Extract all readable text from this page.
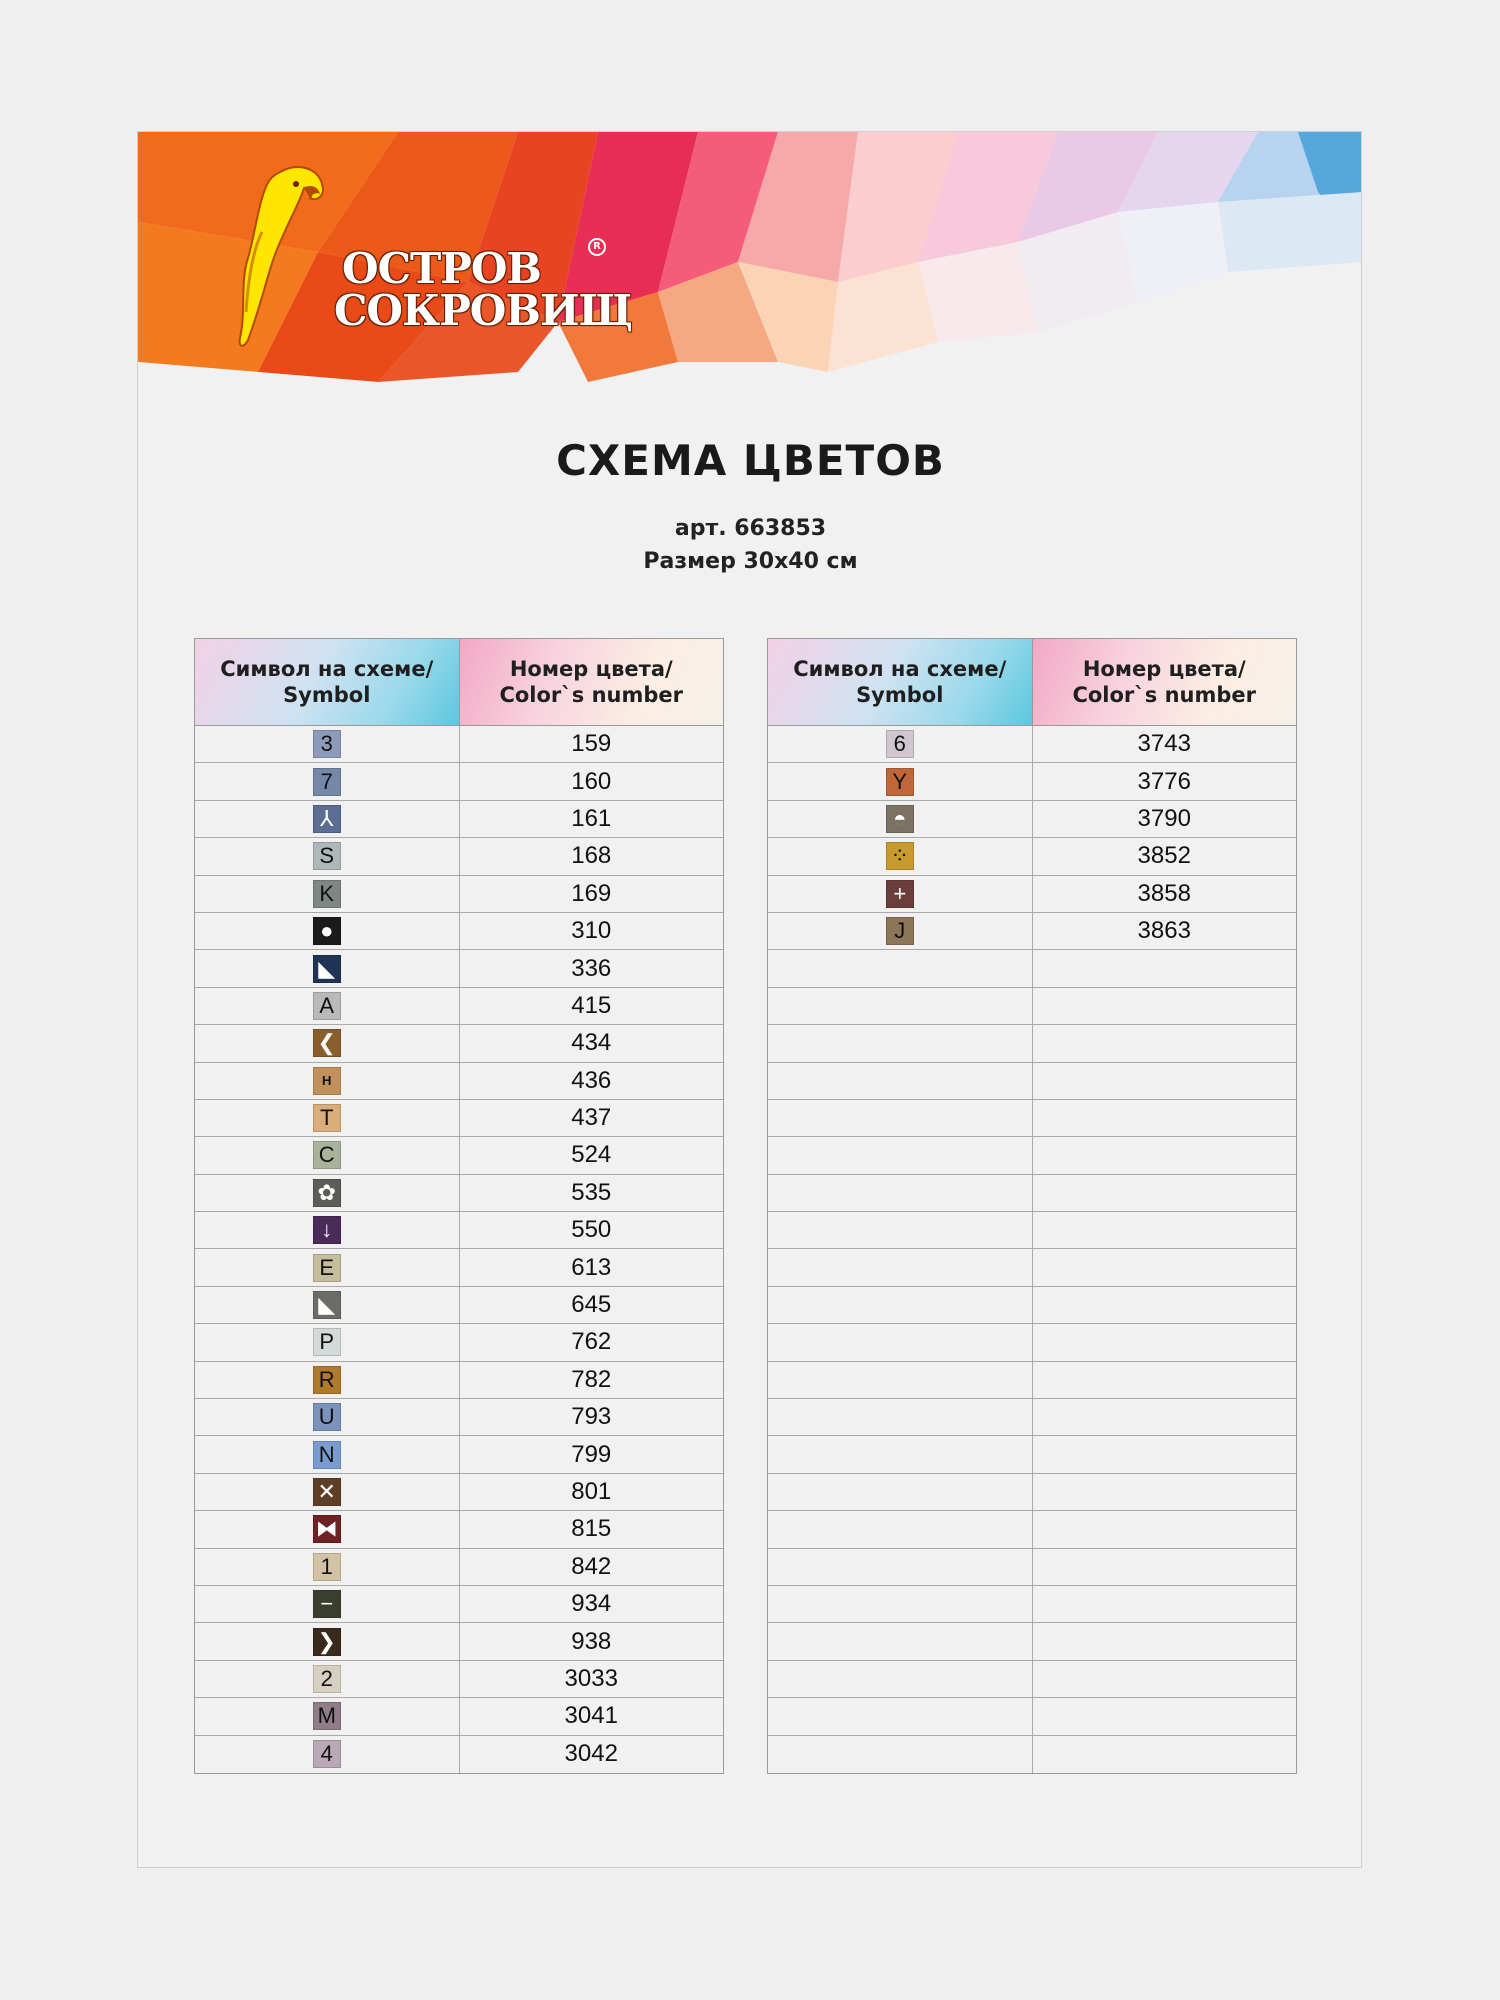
ОСТРОВ
СОКРОВИЩ
R
СХЕМА ЦВЕТОВ
арт. 663853
Размер 30х40 см
Символ на схеме/ Symbol
Номер цвета/ Color`s number
3	159
7	160
⅄	161
S	168
K	169
●	310
◣	336
A	415
❮	434
H	436
T	437
C	524
✿	535
↓	550
E	613
◣	645
P	762
R	782
U	793
N	799
✕	801
⧓	815
1	842
−	934
❯	938
2	3033
M	3041
4	3042
Символ на схеме/ Symbol
Номер цвета/ Color`s number
6	3743
Y	3776
◓	3790
⁘	3852
+	3858
J	3863
